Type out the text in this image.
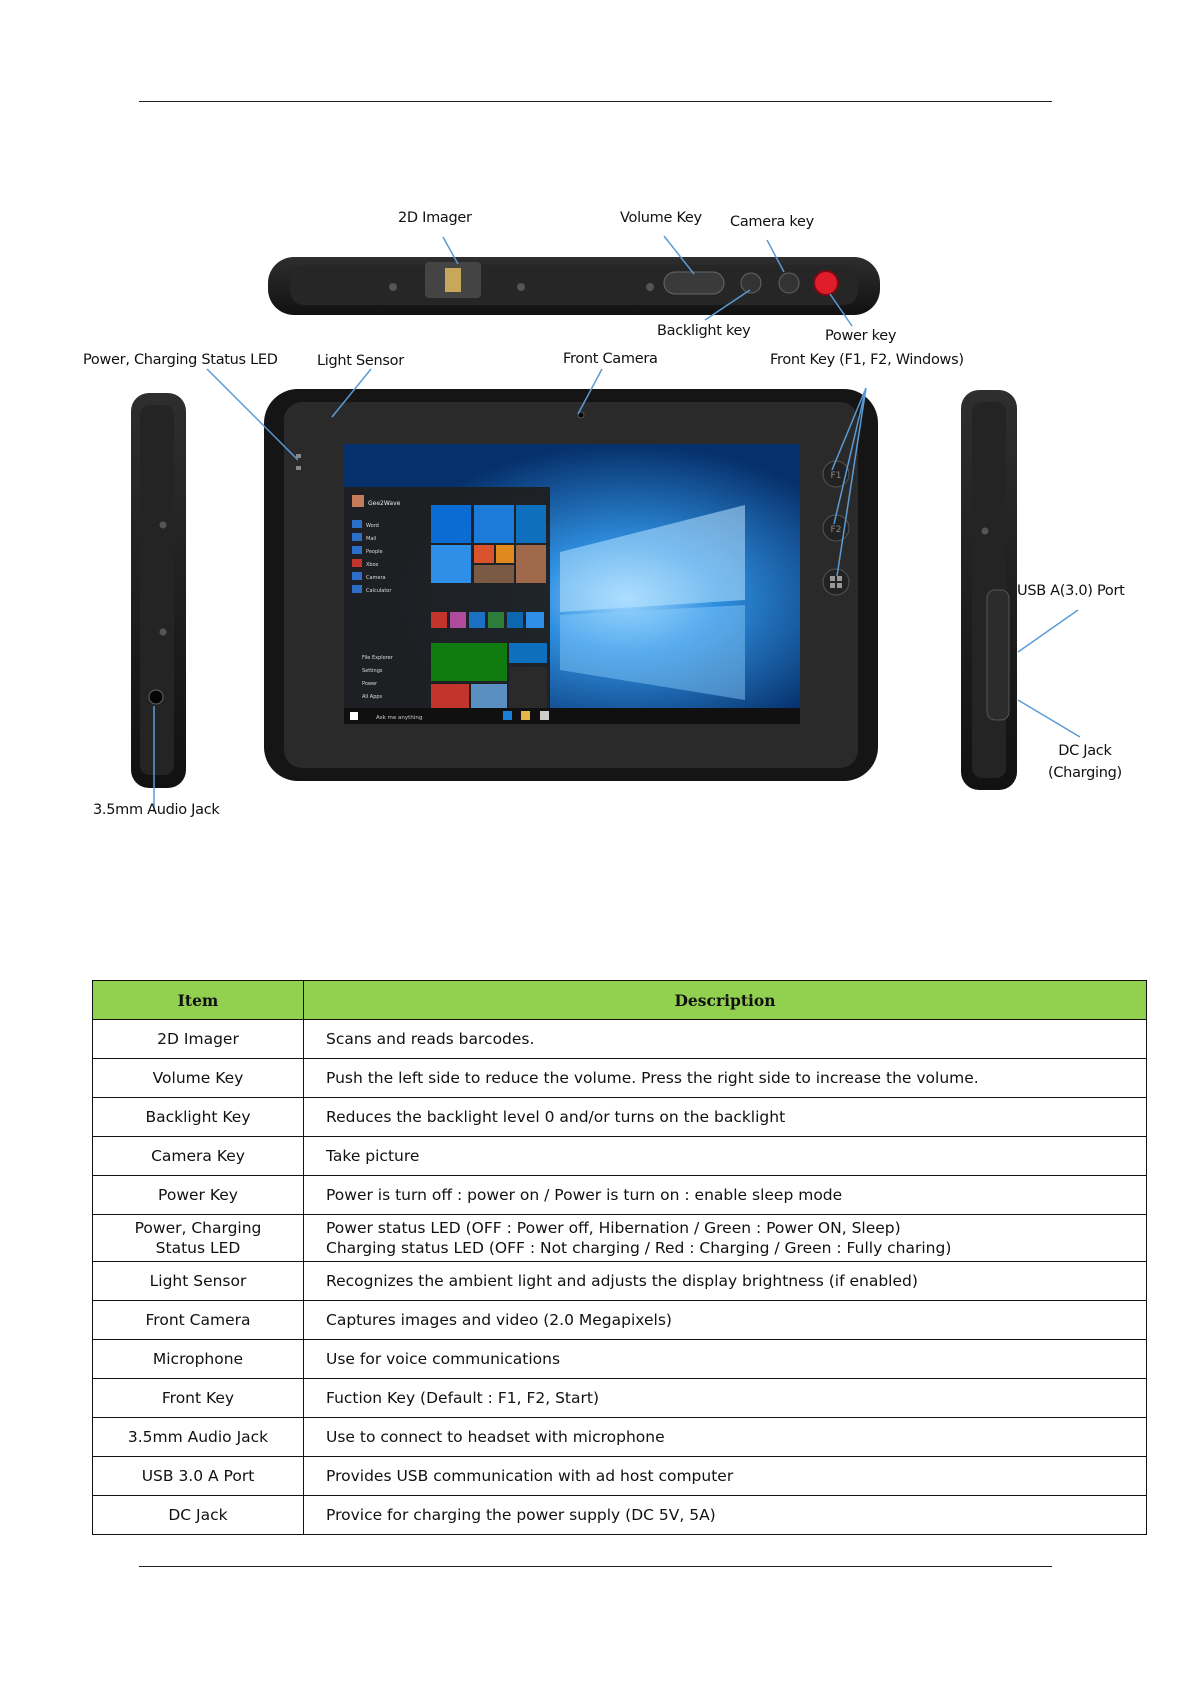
Gee2Wave
Ask me anything
F1
F2
Word
Mail
People
Xbox
Camera
Calculator
File Explorer
Settings
Power
All Apps
2D Imager	Volume Key Camera key
Backlight key	Power key
Power, Charging Status LED	Light Sensor	Front Camera	Front Key (F1, F2, Windows)
USB A(3.0) Port
DC Jack
(Charging)
3.5mm Audio Jack
Item	Description
2D Imager	Scans and reads barcodes.
Volume Key	Push the left side to reduce the volume. Press the right side to increase the volume.
Backlight Key	Reduces the backlight level 0 and/or turns on the backlight
Camera Key	Take picture
Power Key	Power is turn off : power on / Power is turn on : enable sleep mode
Power, Charging
Status LED	Power status LED (OFF : Power off, Hibernation / Green : Power ON, Sleep)
Charging status LED (OFF : Not charging / Red : Charging / Green : Fully charing)
Light Sensor	Recognizes the ambient light and adjusts the display brightness (if enabled)
Front Camera	Captures images and video (2.0 Megapixels)
Microphone	Use for voice communications
Front Key	Fuction Key (Default : F1, F2, Start)
3.5mm Audio Jack	Use to connect to headset with microphone
USB 3.0 A Port	Provides USB communication with ad host computer
DC Jack	Provice for charging the power supply (DC 5V, 5A)
